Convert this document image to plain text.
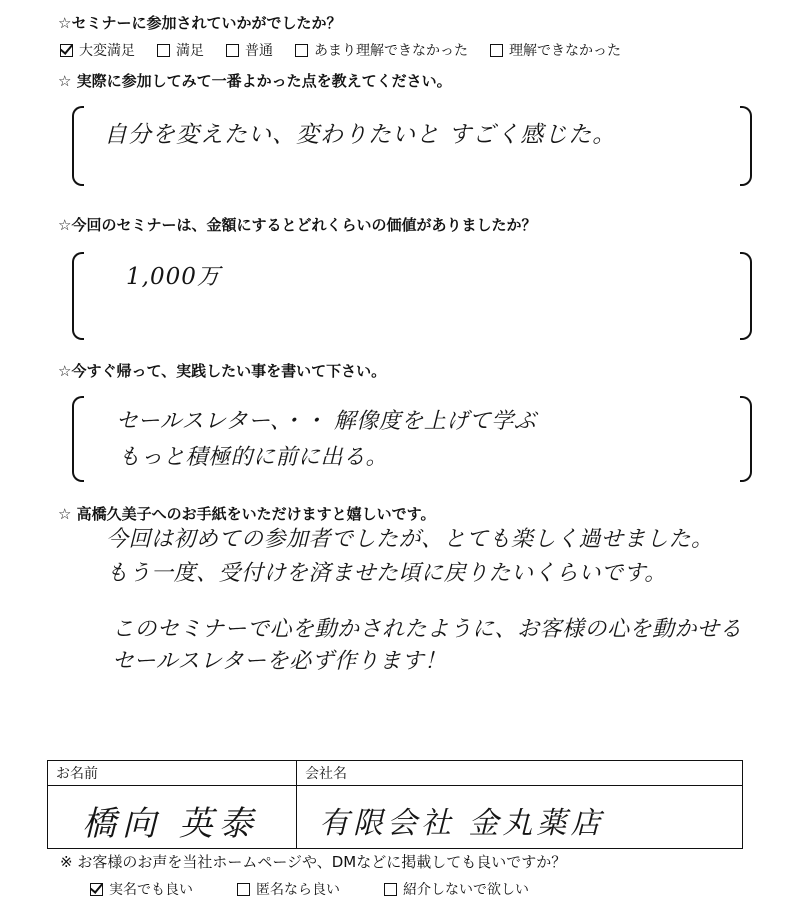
☆セミナーに参加されていかがでしたか？
大変満足	満足	普通	あまり理解できなかった	理解できなかった
☆ 実際に参加してみて一番よかった点を教えてください。
自分を変えたい、変わりたいと すごく感じた。
☆今回のセミナーは、金額にするとどれくらいの価値がありましたか？
1,000万
☆今すぐ帰って、実践したい事を書いて下さい。
セールスレター、・・ 解像度を上げて学ぶ
もっと積極的に前に出る。
☆ 高橋久美子へのお手紙をいただけますと嬉しいです。
今回は初めての参加者でしたが、とても楽しく過せました。
もう一度、受付けを済ませた頃に戻りたいくらいです。
このセミナーで心を動かされたように、お客様の心を動かせる
セールスレターを必ず作ります！
お名前	会社名

橋向 英泰	有限会社 金丸薬店
※ お客様のお声を当社ホームページや、DMなどに掲載しても良いですか？
実名でも良い	匿名なら良い	紹介しないで欲しい
